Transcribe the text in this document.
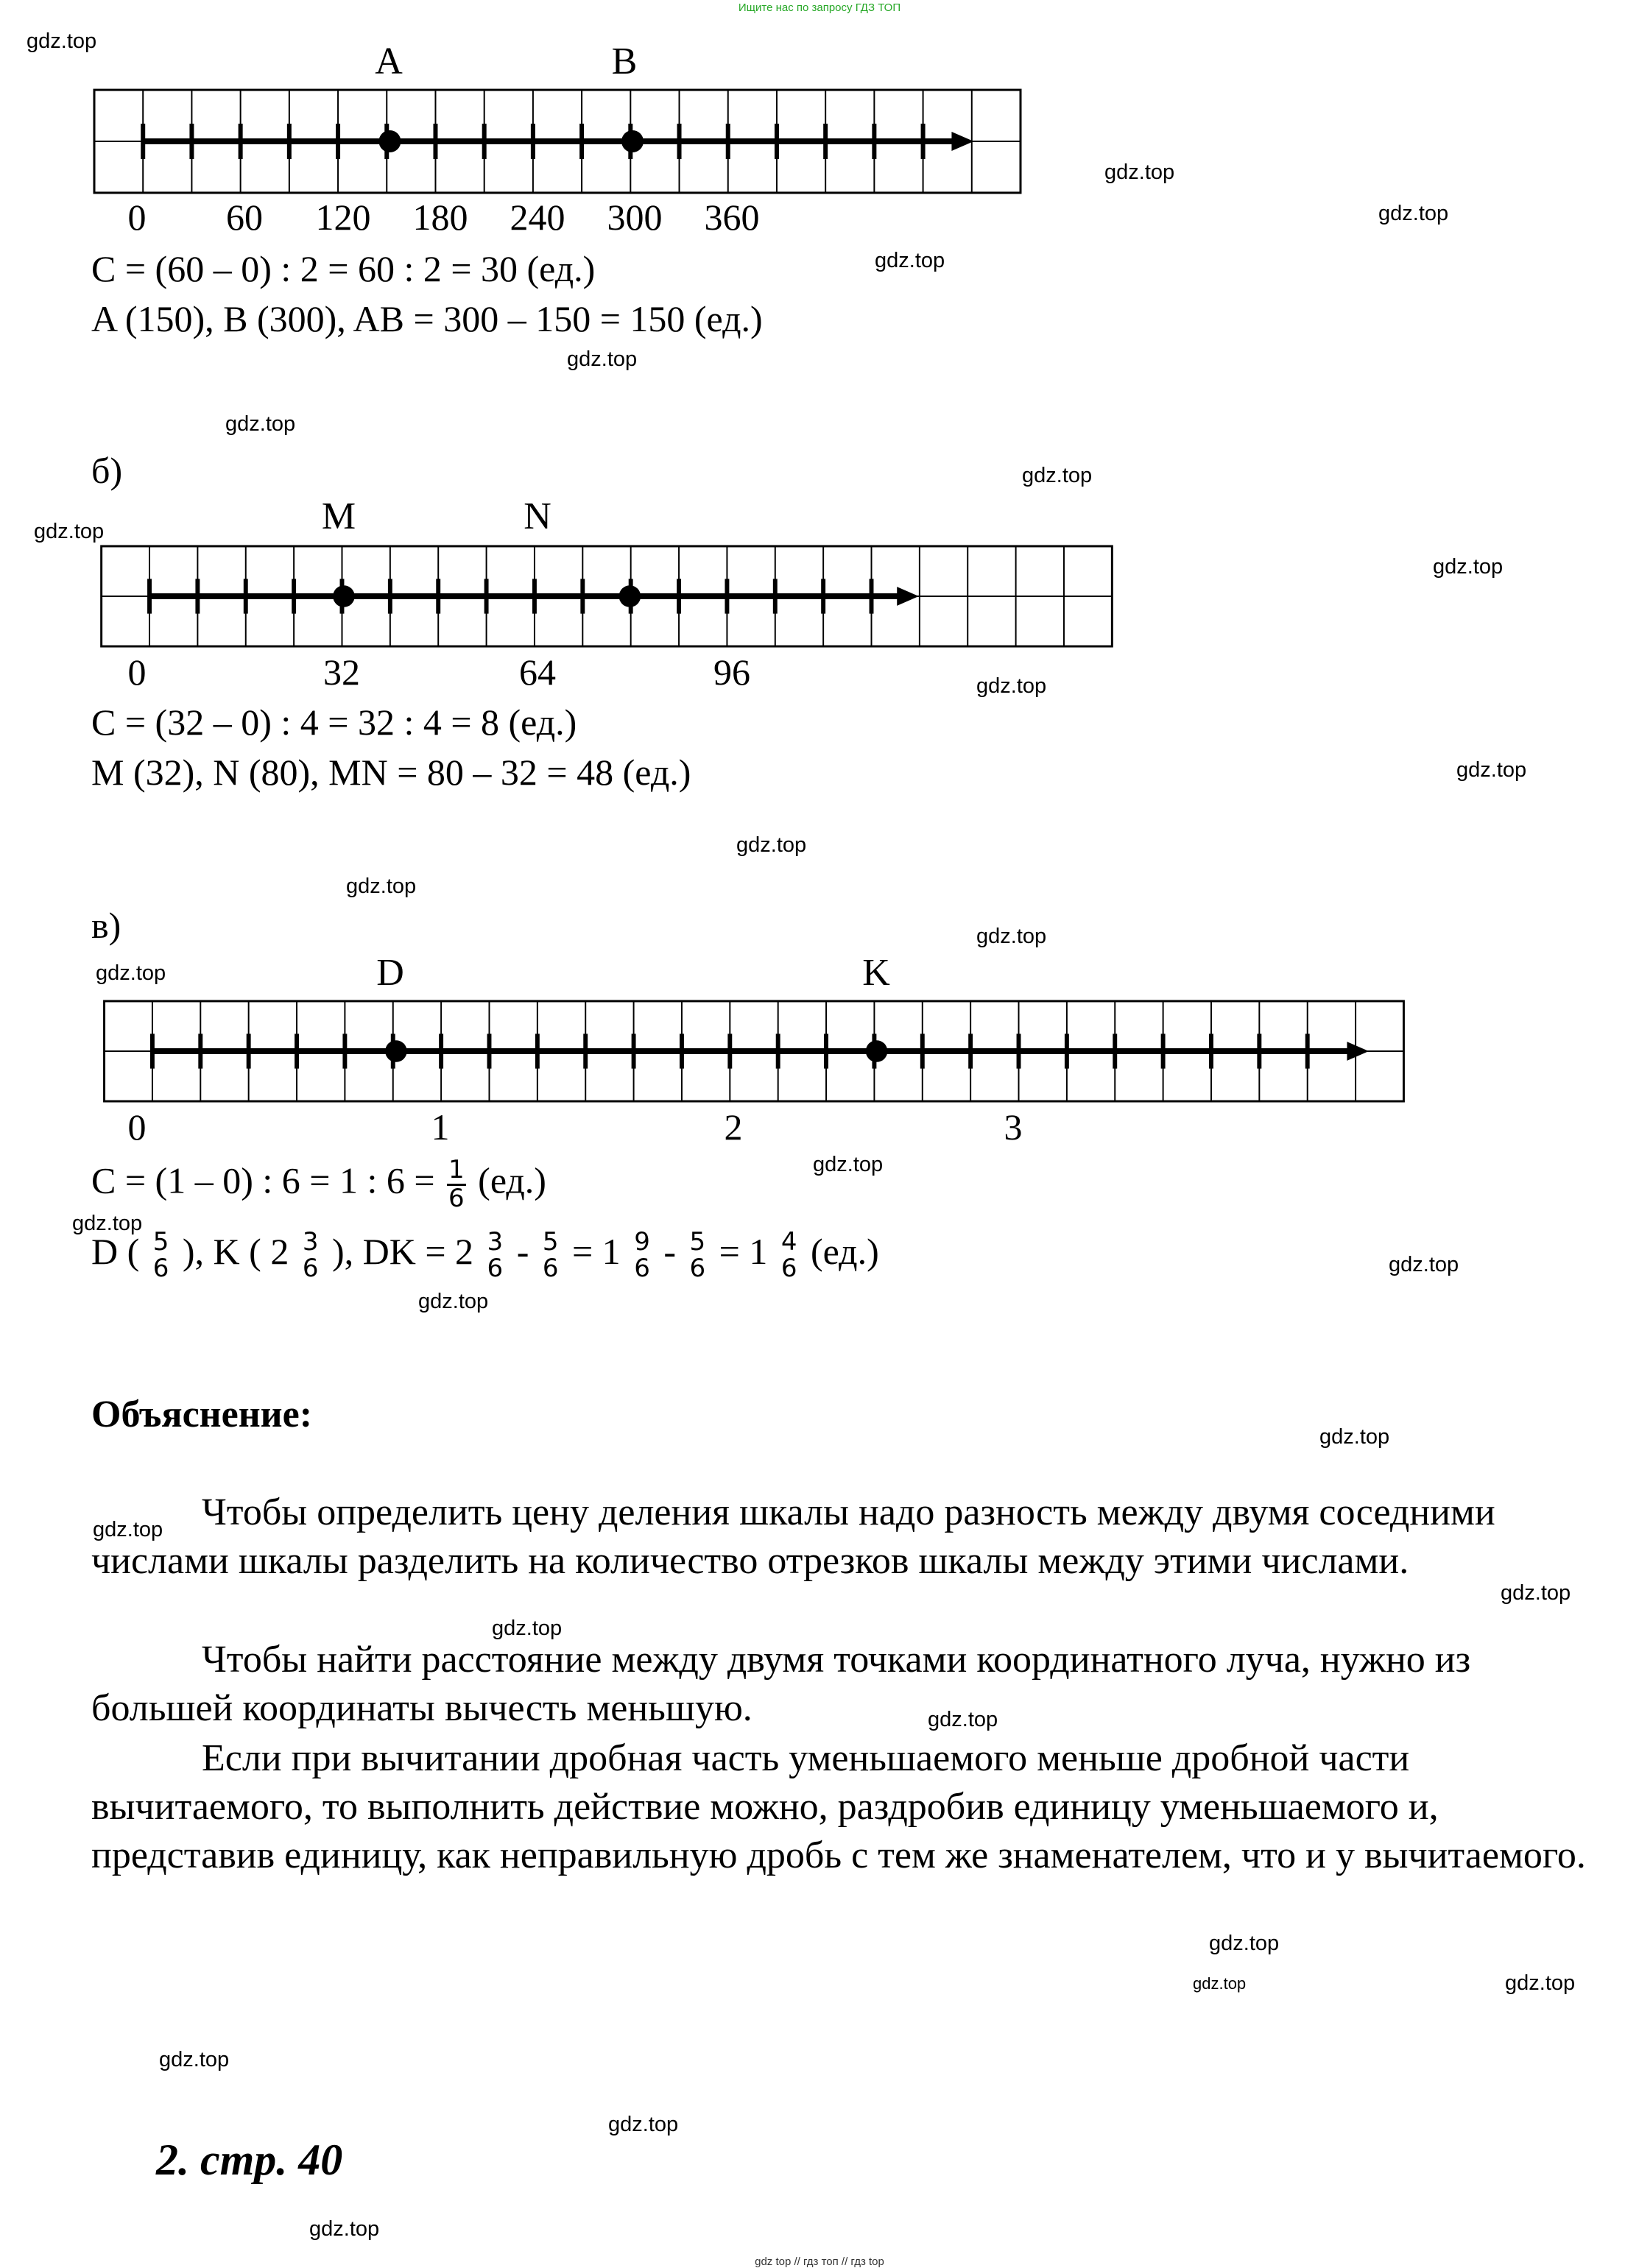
Ищите нас по запросу ГДЗ ТОП
gdz top // гдз топ // гдз top
gdz.top
gdz.top
gdz.top
gdz.top
gdz.top
gdz.top
gdz.top
gdz.top
gdz.top
gdz.top
gdz.top
gdz.top
gdz.top
gdz.top
gdz.top
gdz.top
gdz.top
gdz.top
gdz.top
gdz.top
gdz.top
gdz.top
gdz.top
gdz.top
gdz.top
gdz.top	gdz.top
gdz.top
gdz.top
gdz.top
A	B
0 60 120 180 240 300 360
C = (60 – 0) : 2 = 60 : 2 = 30 (ед.)
A (150), B (300), AB = 300 – 150 = 150 (ед.)
б)
M	N
0	32	64	96
C = (32 – 0) : 4 = 32 : 4 = 8 (ед.)
M (32), N (80), MN = 80 – 32 = 48 (ед.)
в)
D	K
0	1	2	3
C = (1 – 0) : 6 = 1 : $6 = \frac{1}{6} (ед.)$
D ( 5
6 ), K ( 2 3
6 ), DK = 2 3
6 - 5
6 = 1 9
6 - 5
6 = 1 4
6 (ед.)
Объяснение:
Чтобы определить цену деления шкалы надо разность между двумя соседними числами шкалы разделить на количество отрезков шкалы между этими числами.
Чтобы найти расстояние между двумя точками координатного луча, нужно из большей координаты вычесть меньшую.
Если при вычитании дробная часть уменьшаемого меньше дробной части вычитаемого, то выполнить действие можно, раздробив единицу уменьшаемого и, представив единицу, как неправильную дробь с тем же знаменателем, что и у вычитаемого.
2. стр. 40
